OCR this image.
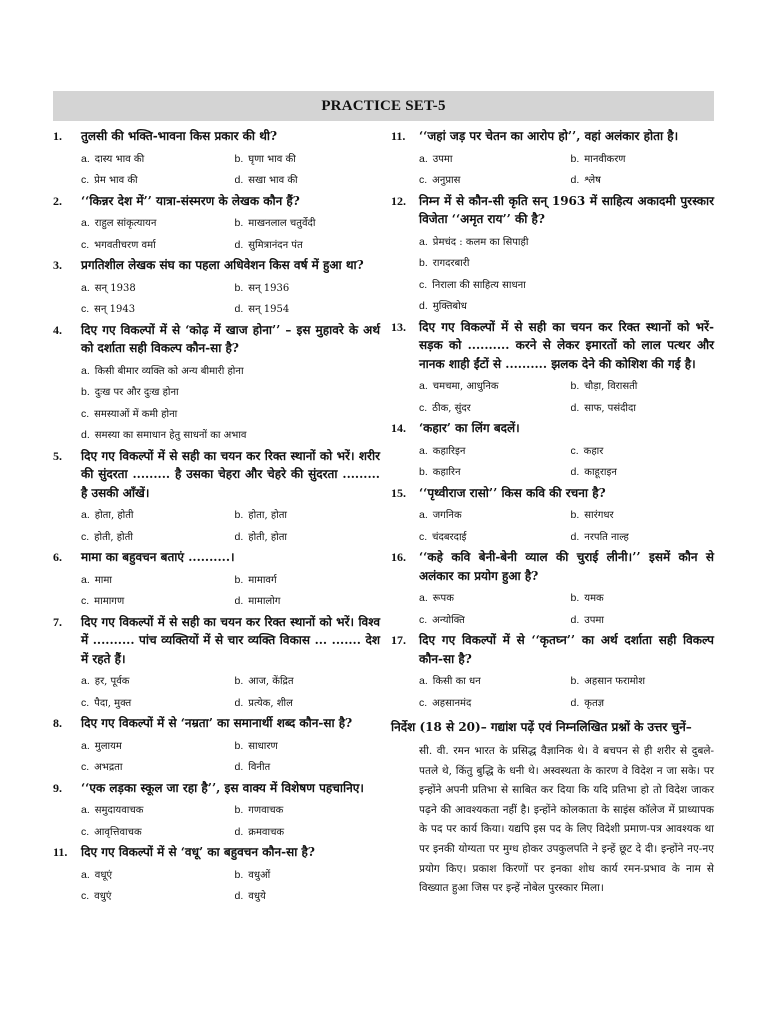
PRACTICE SET-5
1. तुलसी की भक्ति-भावना किस प्रकार की थी?

a. दास्य भाव की	b. घृणा भाव की
c. प्रेम भाव की	d. सखा भाव की
2. ‘‘किन्नर देश में’’ यात्रा-संस्मरण के लेखक कौन हैं?

a. राहुल सांकृत्यायन	b. माखनलाल चतुर्वेदी
c. भगवतीचरण वर्मा	d. सुमित्रानंदन पंत
3. प्रगतिशील लेखक संघ का पहला अधिवेशन किस वर्ष में हुआ था?

a. सन् 1938	b. सन् 1936
c. सन् 1943	d. सन् 1954
4. दिए गए विकल्पों में से ‘कोढ़ में खाज होना’’ – इस मुहावरे के अर्थ को दर्शाता सही विकल्प कौन-सा है?

a. किसी बीमार व्यक्ति को अन्य बीमारी होना
b. दुःख पर और दुःख होना
c. समस्याओं में कमी होना
d. समस्या का समाधान हेतु साधनों का अभाव
5. दिए गए विकल्पों में से सही का चयन कर रिक्त स्थानों को भरें। शरीर की सुंदरता ......... है उसका चेहरा और चेहरे की सुंदरता ......... है उसकी आँखें।

a. होता, होती	b. होता, होता
c. होती, होती	d. होती, होता
6. मामा का बहुवचन बताएं ..........।

a. मामा	b. मामावर्ग
c. मामागण	d. मामालोग
7. दिए गए विकल्पों में से सही का चयन कर रिक्त स्थानों को भरें। विश्व में .......... पांच व्यक्तियों में से चार व्यक्ति विकास ... ....... देश में रहते हैं।

a. हर, पूर्वक	b. आज, केंद्रित
c. पैदा, मुक्त	d. प्रत्येक, शील
8. दिए गए विकल्पों में से ‘नम्रता’ का समानार्थी शब्द कौन-सा है?

a. मुलायम	b. साधारण
c. अभद्रता	d. विनीत
9. ‘‘एक लड़का स्कूल जा रहा है’’, इस वाक्य में विशेषण पहचानिए।

a. समुदायवाचक	b. गणवाचक
c. आवृत्तिवाचक	d. क्रमवाचक
11. दिए गए विकल्पों में से ‘वधू’ का बहुवचन कौन-सा है?

a. वधूएं	b. वधुओं
c. वधुएं	d. वधुये
11. ‘‘जहां जड़ पर चेतन का आरोप हो’’, वहां अलंकार होता है।

a. उपमा	b. मानवीकरण
c. अनुप्रास	d. श्लेष
12. निम्न में से कौन-सी कृति सन् 1963 में साहित्य अकादमी पुरस्कार विजेता ‘‘अमृत राय’’ की है?

a. प्रेमचंद : कलम का सिपाही
b. रागदरबारी
c. निराला की साहित्य साधना
d. मुक्तिबोध
13. दिए गए विकल्पों में से सही का चयन कर रिक्त स्थानों को भरें- सड़क को .......... करने से लेकर इमारतों को लाल पत्थर और नानक शाही ईंटों से .......... झलक देने की कोशिश की गई है।

a. चमचमा, आधुनिक	b. चौड़ा, विरासती
c. ठीक, सुंदर	d. साफ, पसंदीदा
14. ‘कहार’ का लिंग बदलें।

a. कहारिइन	c. कहार
b. कहारिन	d. काहूराइन
15. ‘‘पृथ्वीराज रासो’’ किस कवि की रचना है?

a. जगनिक	b. सारंगधर
c. चंदबरदाई	d. नरपति नाल्ह
16. ‘‘कहे कवि बेनी-बेनी व्याल की चुराई लीनी।’’ इसमें कौन से अलंकार का प्रयोग हुआ है?

a. रूपक	b. यमक
c. अन्योक्ति	d. उपमा
17. दिए गए विकल्पों में से ‘‘कृतघ्न’’ का अर्थ दर्शाता सही विकल्प कौन-सा है?

a. किसी का धन	b. अहसान फरामोश
c. अहसानमंद	d. कृतज्ञ
निर्देश (18 से 20)– गद्यांश पढ़ें एवं निम्नलिखित प्रश्नों के उत्तर चुनें–
सी. वी. रमन भारत के प्रसिद्ध वैज्ञानिक थे। वे बचपन से ही शरीर से दुबले-पतले थे, किंतु बुद्धि के धनी थे। अस्वस्थता के कारण वे विदेश न जा सके। पर इन्होंने अपनी प्रतिभा से साबित कर दिया कि यदि प्रतिभा हो तो विदेश जाकर पढ़ने की आवश्यकता नहीं है। इन्होंने कोलकाता के साइंस कॉलेज में प्राध्यापक के पद पर कार्य किया। यद्यपि इस पद के लिए विदेशी प्रमाण-पत्र आवश्यक था पर इनकी योग्यता पर मुग्ध होकर उपकुलपति ने इन्हें छूट दे दी। इन्होंने नए-नए प्रयोग किए। प्रकाश किरणों पर इनका शोध कार्य रमन-प्रभाव के नाम से विख्यात हुआ जिस पर इन्हें नोबेल पुरस्कार मिला।
